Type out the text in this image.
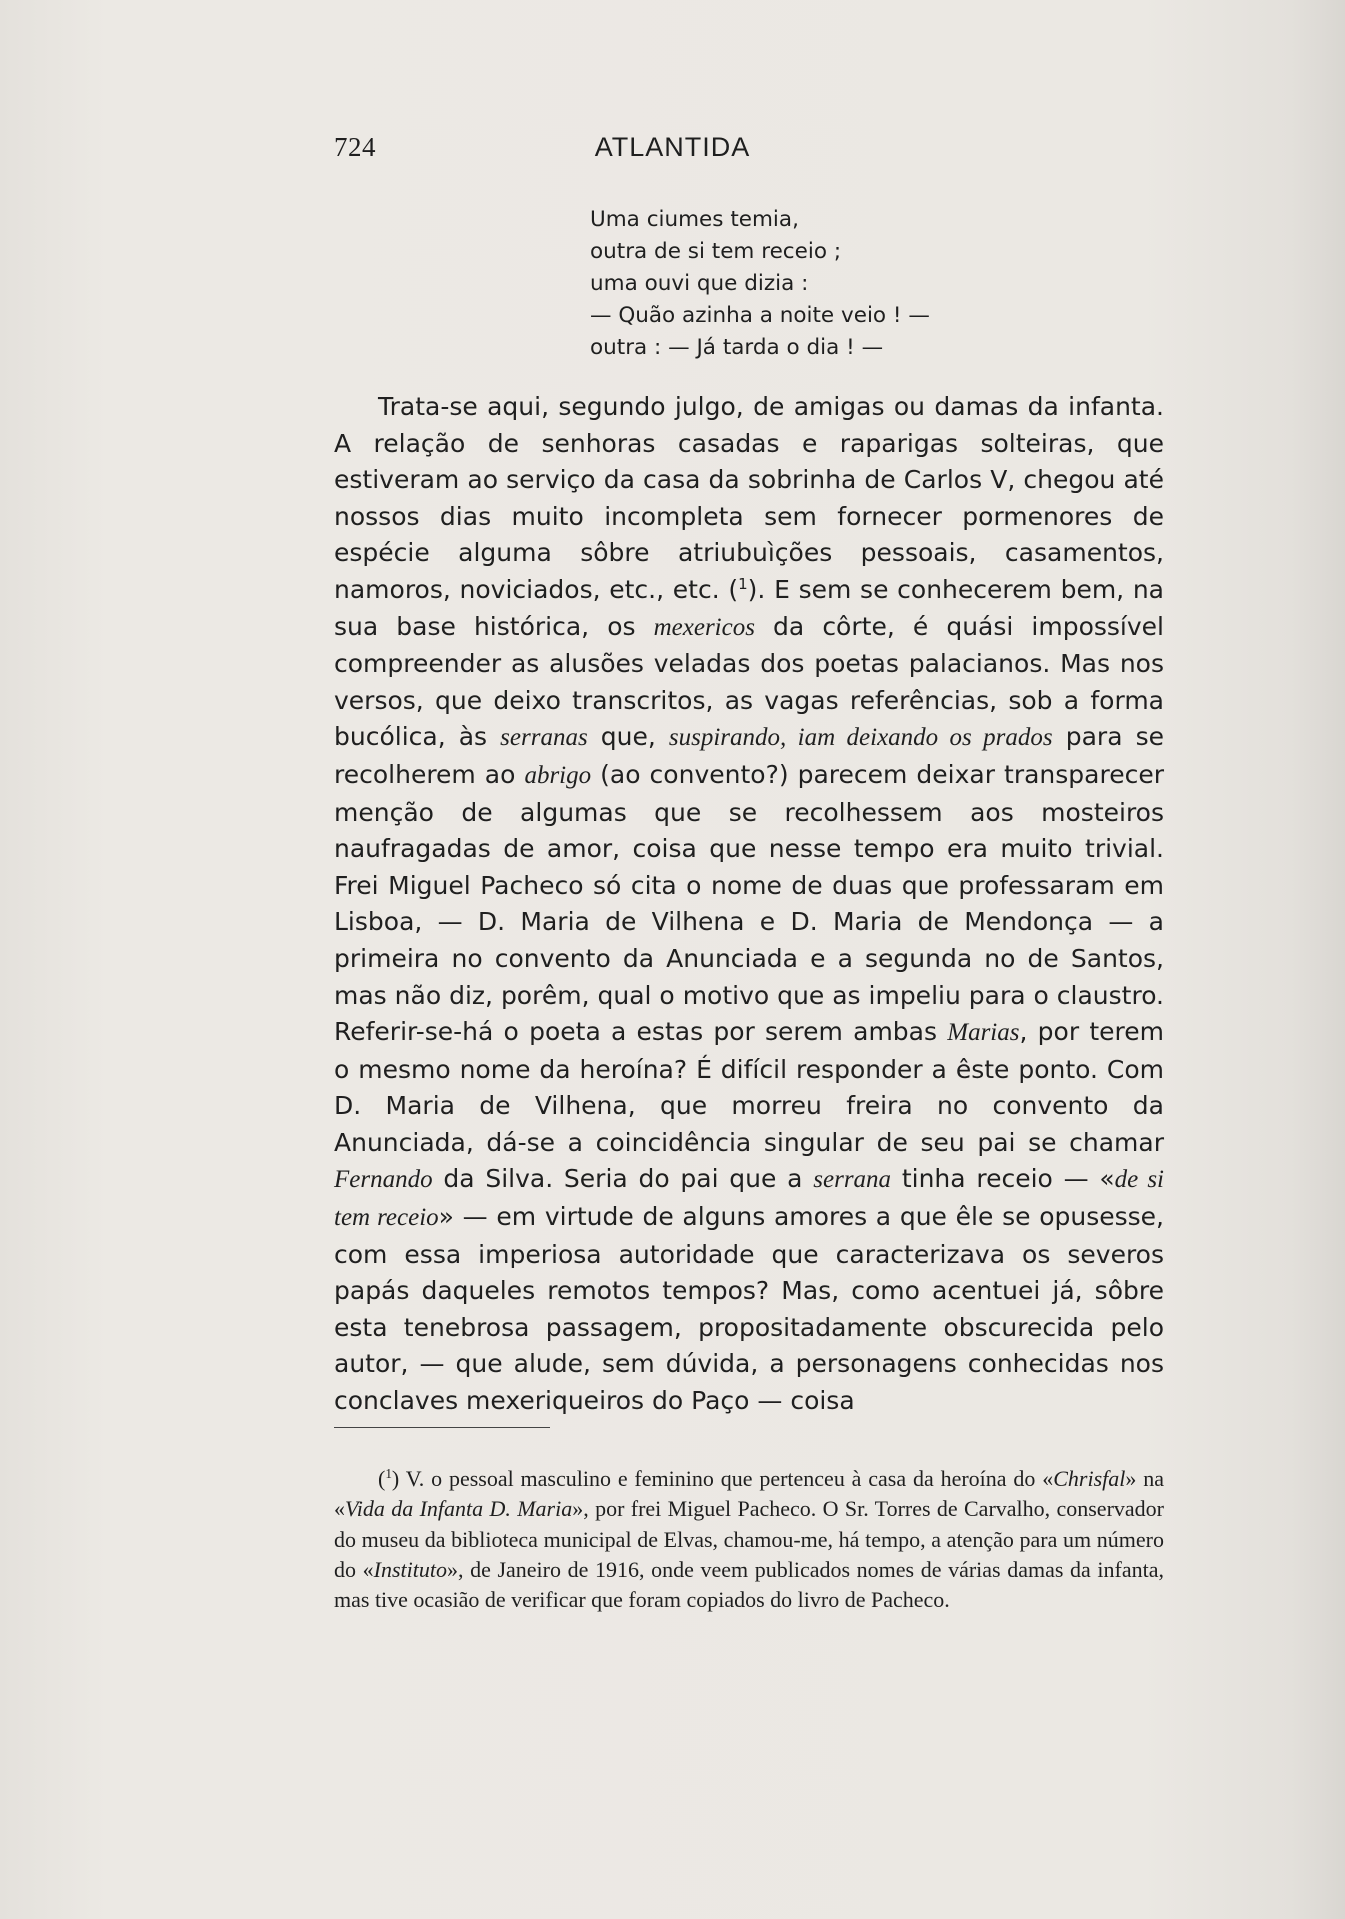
724	ATLANTIDA
Uma ciumes temia,
outra de si tem receio ;
uma ouvi que dizia :
— Quão azinha a noite veio ! —
outra : — Já tarda o dia ! —

Trata-se aqui, segundo julgo, de amigas ou damas da infanta. A relação de senhoras casadas e raparigas solteiras, que estiveram ao serviço da casa da sobrinha de Carlos V, chegou até nossos dias muito incompleta sem fornecer pormenores de espécie alguma sôbre atriubuìções pessoais, casamentos, namoros, noviciados, etc., etc. ($^1$). E sem se conhecerem bem, na sua base histórica, os mexericos da côrte, é quási impossível compreender as alusões veladas dos poetas palacianos. Mas nos versos, que deixo transcritos, as vagas referências, sob a forma bucólica, às serranas que, suspirando, iam deixando os prados para se recolherem ao abrigo (ao convento?) parecem deixar transparecer menção de algumas que se recolhessem aos mosteiros naufragadas de amor, coisa que nesse tempo era muito trivial. Frei Miguel Pacheco só cita o nome de duas que professaram em Lisboa, — D. Maria de Vilhena e D. Maria de Mendonça — a primeira no convento da Anunciada e a segunda no de Santos, mas não diz, porêm, qual o motivo que as impeliu para o claustro. Referir-se-há o poeta a estas por serem ambas Marias, por terem o mesmo nome da heroína? É difícil responder a êste ponto. Com D. Maria de Vilhena, que morreu freira no convento da Anunciada, dá-se a coincidência singular de seu pai se chamar Fernando da Silva. Seria do pai que a serrana tinha receio — «de si tem receio» — em virtude de alguns amores a que êle se opusesse, com essa imperiosa autoridade que caracterizava os severos papás daqueles remotos tempos? Mas, como acentuei já, sôbre esta tenebrosa passagem, propositadamente obscurecida pelo autor, — que alude, sem dúvida, a personagens conhecidas nos conclaves mexeriqueiros do Paço — coisa

($^1$) V. o pessoal masculino e feminino que pertenceu à casa da heroína do «Chrisfal» na «Vida da Infanta D. Maria», por frei Miguel Pacheco. O Sr. Torres de Carvalho, conservador do museu da biblioteca municipal de Elvas, chamou-me, há tempo, a atenção para um número do «Instituto», de Janeiro de 1916, onde veem publicados nomes de várias damas da infanta, mas tive ocasião de verificar que foram copiados do livro de Pacheco.
